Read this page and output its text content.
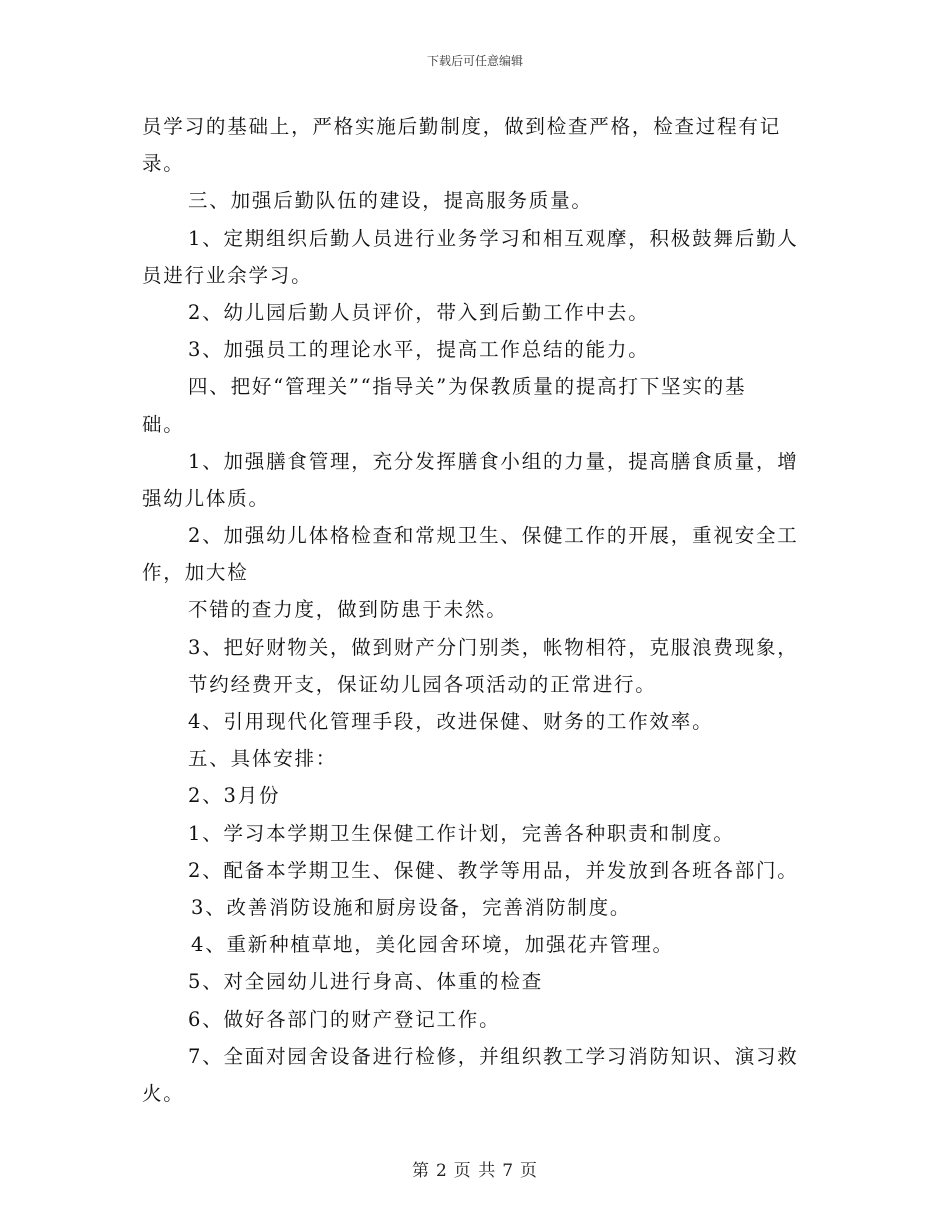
下载后可任意编辑
员学习的基础上，严格实施后勤制度，做到检查严格，检查过程有记
录。
三、加强后勤队伍的建设，提高服务质量。
1、定期组织后勤人员进行业务学习和相互观摩，积极鼓舞后勤人
员进行业余学习。
2、幼儿园后勤人员评价，带入到后勤工作中去。
3、加强员工的理论水平，提高工作总结的能力。
四、把好“管理关”“指导关”为保教质量的提高打下坚实的基
础。
1、加强膳食管理，充分发挥膳食小组的力量，提高膳食质量，增
强幼儿体质。
2、加强幼儿体格检查和常规卫生、保健工作的开展，重视安全工
作，加大检
不错的查力度，做到防患于未然。
3、把好财物关，做到财产分门别类，帐物相符，克服浪费现象，
节约经费开支，保证幼儿园各项活动的正常进行。
4、引用现代化管理手段，改进保健、财务的工作效率。
五、具体安排：
2、3月份
1、学习本学期卫生保健工作计划，完善各种职责和制度。
2、配备本学期卫生、保健、教学等用品，并发放到各班各部门。
3、改善消防设施和厨房设备，完善消防制度。
4、重新种植草地，美化园舍环境，加强花卉管理。
5、对全园幼儿进行身高、体重的检查
6、做好各部门的财产登记工作。
7、全面对园舍设备进行检修，并组织教工学习消防知识、演习救
火。
第 2 页 共 7 页
